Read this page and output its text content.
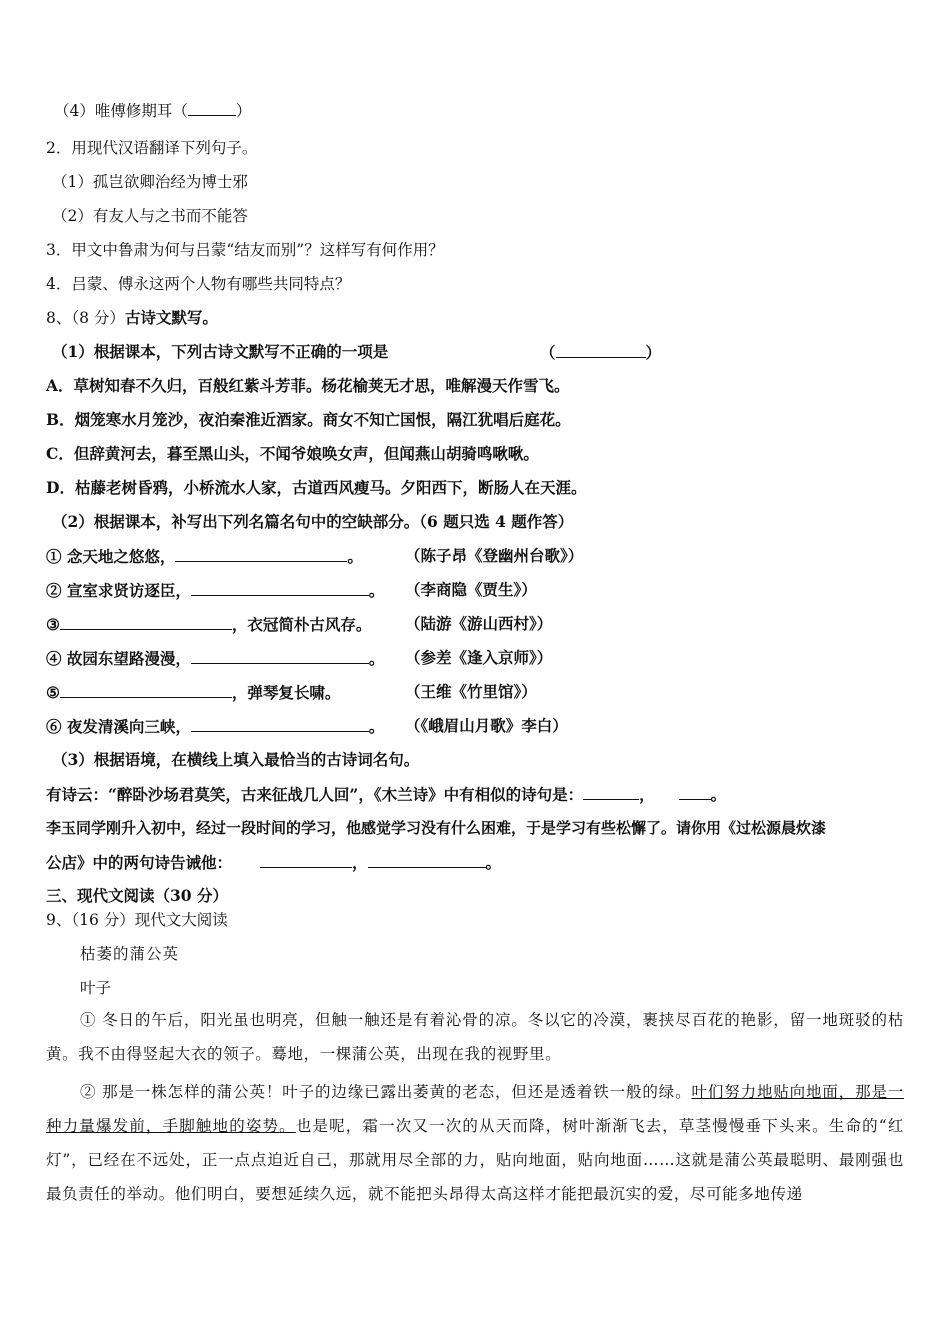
（4）唯傅修期耳（	）
2．用现代汉语翻译下列句子。
（1）孤岂欲卿治经为博士邪
（2）有友人与之书而不能答
3．甲文中鲁肃为何与吕蒙“结友而别”？这样写有何作用？
4．吕蒙、傅永这两个人物有哪些共同特点？
8、（8 分）古诗文默写。
（1）根据课本，下列古诗文默写不正确的一项是	（	）
A．草树知春不久归，百般红紫斗芳菲。杨花榆荚无才思，唯解漫天作雪飞。
B．烟笼寒水月笼沙，夜泊秦淮近酒家。商女不知亡国恨，隔江犹唱后庭花。
C．但辞黄河去，暮至黑山头，不闻爷娘唤女声，但闻燕山胡骑鸣啾啾。
D．枯藤老树昏鸦，小桥流水人家，古道西风瘦马。夕阳西下，断肠人在天涯。
（2）根据课本，补写出下列名篇名句中的空缺部分。（6 题只选 4 题作答）
① 念天地之悠悠，	。	（陈子昂《登幽州台歌》）
② 宣室求贤访逐臣，	。 （李商隐《贾生》）
③	，衣冠简朴古风存。 （陆游《游山西村》）
④ 故园东望路漫漫，	。 （参差《逢入京师》）
⑤	，弹琴复长啸。	（王维《竹里馆》）
⑥ 夜发清溪向三峡，	。 （《峨眉山月歌》李白）
（3）根据语境，在横线上填入最恰当的古诗词名句。
有诗云：“醉卧沙场君莫笑，古来征战几人回”，《木兰诗》中有相似的诗句是：	，	。
李玉同学刚升入初中，经过一段时间的学习，他感觉学习没有什么困难，于是学习有些松懈了。请你用《过松源晨炊漆
公店》中的两句诗告诫他：	，	。
三、现代文阅读（30 分）
9、（16 分）现代文大阅读
枯萎的蒲公英
叶子
① 冬日的午后，阳光虽也明亮，但触一触还是有着沁骨的凉。冬以它的冷漠，裹挟尽百花的艳影，留一地斑驳的枯黄。我不由得竖起大衣的领子。蓦地，一棵蒲公英，出现在我的视野里。
② 那是一株怎样的蒲公英！叶子的边缘已露出萎黄的老态，但还是透着铁一般的绿。叶们努力地贴向地面，那是一种力量爆发前，手脚触地的姿势。也是呢，霜一次又一次的从天而降，树叶渐渐飞去，草茎慢慢垂下头来。生命的“红灯”，已经在不远处，正一点点迫近自己，那就用尽全部的力，贴向地面，贴向地面……这就是蒲公英最聪明、最刚强也最负责任的举动。他们明白，要想延续久远，就不能把头昂得太高这样才能把最沉实的爱，尽可能多地传递
